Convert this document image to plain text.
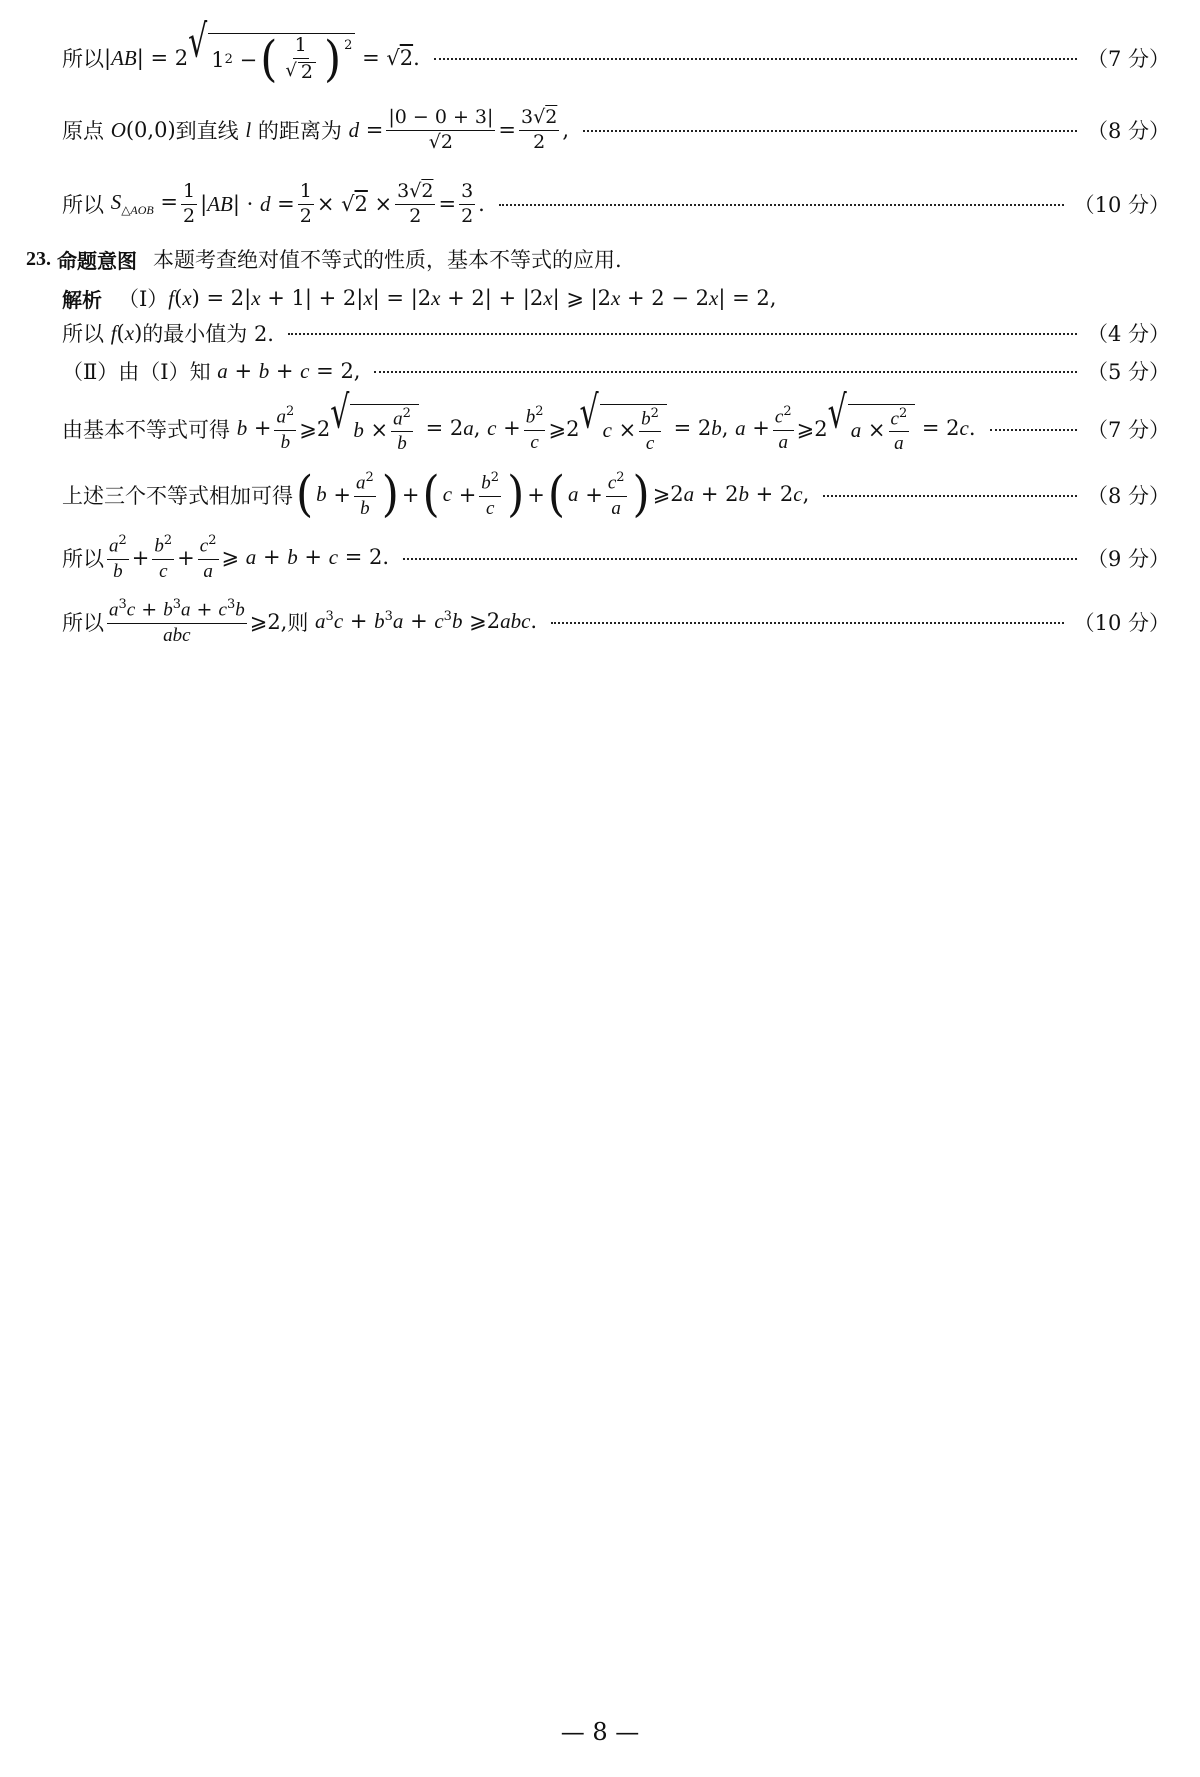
所以 |AB| = 2 √ 1 2 − ( $\frac{1}{√ 2} )^2$
= √2.	（7 分）
原点 O(0,0) 到直线 l 的距离为 $d = \frac{|0 - 0 + 3|}{√2} = \frac{3√2}{2}$ ,	（8 分）
所以 $S_{\triangle AOB} = \frac{1}{2} |AB| \cdot d = \frac{1}{2} \times √2 \times \frac{3√2}{2} = \frac{3}{2}$ .	（10 分）
23. 命题意图 本题考查绝对值不等式的性质，基本不等式的应用.
解析 （Ⅰ） f(x) = 2|x + 1| + 2|x| = |2x + 2| + |2x| ⩾ |2x + 2 − 2x| = 2,
所以 f(x) 的最小值为 2.	（4 分）
（Ⅱ）由（Ⅰ）知 a + b + c = 2,	（5 分）
由基本不等式可得 $b + \frac{a^2}{b}$ ⩾2 √ $b \times \frac{a^2}{b} = 2a$, $c + \frac{b^2}{c}$ ⩾2 √ $c \times \frac{b^2}{c} = 2b$, $a + \frac{c^2}{a}$ ⩾2 √ $a \times \frac{c^2}{a} = 2c$.	（7 分）
上述三个不等式相加可得 ( $b + \frac{a^2}{b}$ ) + ( $c + \frac{b^2}{c}$ ) + ( $a + \frac{c^2}{a}$ ) ⩾2a + 2b + 2c,	（8 分）
所以 $\frac{a^2}{b} + \frac{b^2}{c} + \frac{c^2}{a}$ ⩾ a + b + c = 2.	（9 分）
所以 $\frac{a^3c + b^3a + c^3b}{\text{abc}}$ ⩾2, 则 $a^3c + b^3a + c^3b$ ⩾2abc.	（10 分）
— 8 —
